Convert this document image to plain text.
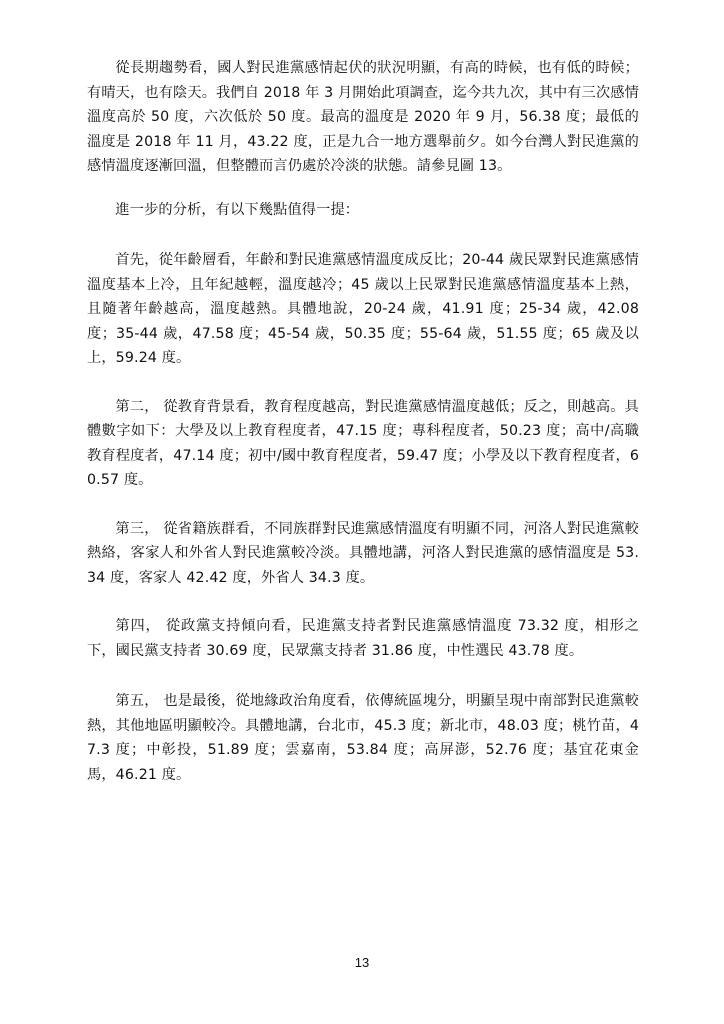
從長期趨勢看，國人對民進黨感情起伏的狀況明顯，有高的時候，也有低的時候；有晴天，也有陰天。我們自 2018 年 3 月開始此項調查，迄今共九次，其中有三次感情溫度高於 50 度，六次低於 50 度。最高的溫度是 2020 年 9 月，56.38 度；最低的溫度是 2018 年 11 月，43.22 度，正是九合一地方選舉前夕。如今台灣人對民進黨的感情溫度逐漸回溫，但整體而言仍處於冷淡的狀態。請參見圖 13。

進一步的分析，有以下幾點值得一提：

首先，從年齡層看，年齡和對民進黨感情溫度成反比；20-44 歲民眾對民進黨感情溫度基本上冷，且年紀越輕，溫度越冷；45 歲以上民眾對民進黨感情溫度基本上熱，且隨著年齡越高，溫度越熱。具體地說，20-24 歲，41.91 度；25-34 歲，42.08 度；35-44 歲，47.58 度；45-54 歲，50.35 度；55-64 歲，51.55 度；65 歲及以上，59.24 度。

第二， 從教育背景看，教育程度越高，對民進黨感情溫度越低；反之，則越高。具體數字如下：大學及以上教育程度者，47.15 度；專科程度者，50.23 度；高中/高職教育程度者，47.14 度；初中/國中教育程度者，59.47 度；小學及以下教育程度者，60.57 度。

第三， 從省籍族群看，不同族群對民進黨感情溫度有明顯不同，河洛人對民進黨較熱絡，客家人和外省人對民進黨較冷淡。具體地講，河洛人對民進黨的感情溫度是 53.34 度，客家人 42.42 度，外省人 34.3 度。

第四， 從政黨支持傾向看，民進黨支持者對民進黨感情溫度 73.32 度，相形之下，國民黨支持者 30.69 度，民眾黨支持者 31.86 度，中性選民 43.78 度。

第五， 也是最後，從地緣政治角度看，依傳統區塊分，明顯呈現中南部對民進黨較熱，其他地區明顯較冷。具體地講，台北市，45.3 度；新北市，48.03 度；桃竹苗，47.3 度；中彰投，51.89 度；雲嘉南，53.84 度；高屏澎，52.76 度；基宜花東金馬，46.21 度。

13
